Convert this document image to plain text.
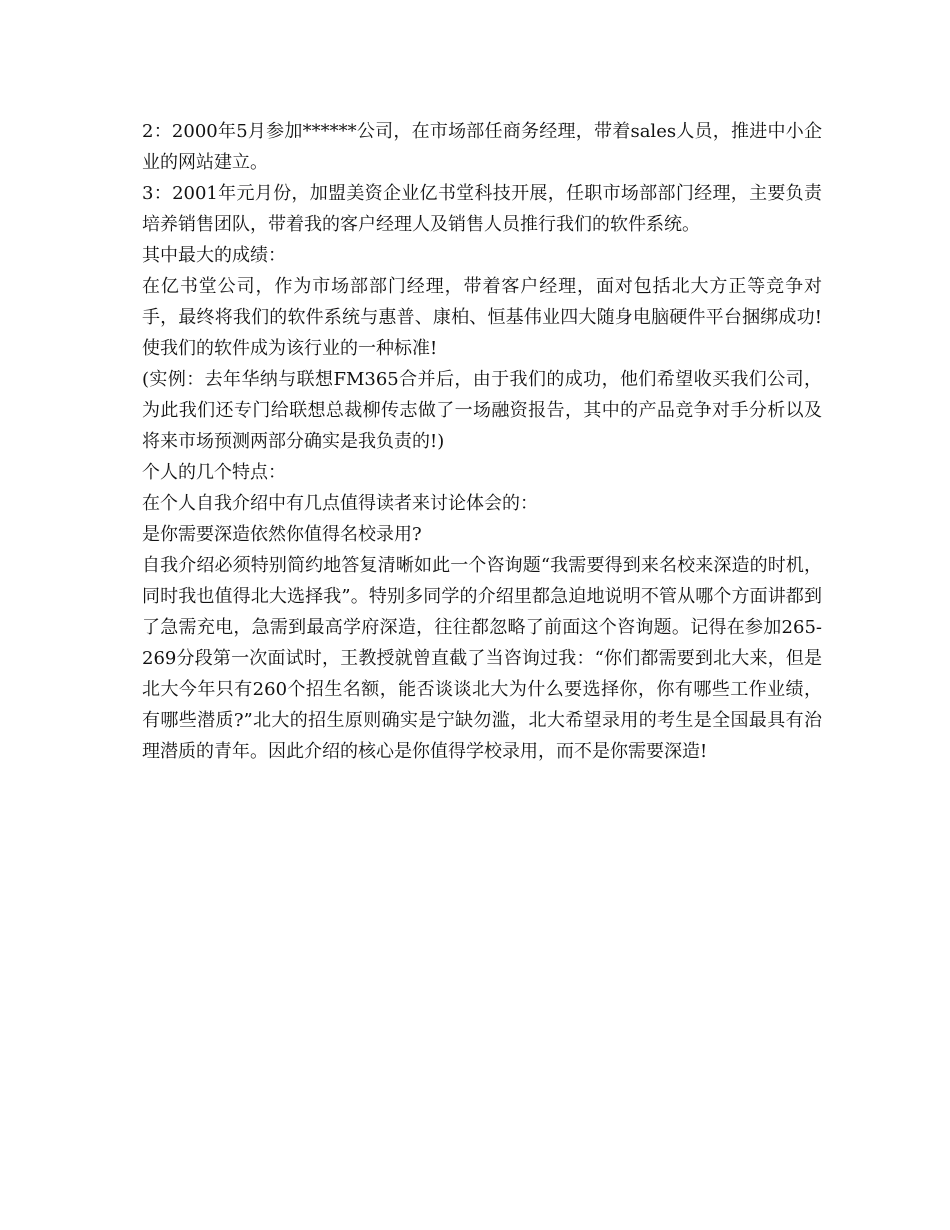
2：2000年5月参加******公司，在市场部任商务经理，带着sales人员，推进中小企业的网站建立。

3：2001年元月份，加盟美资企业亿书堂科技开展，任职市场部部门经理，主要负责培养销售团队，带着我的客户经理人及销售人员推行我们的软件系统。

其中最大的成绩：

在亿书堂公司，作为市场部部门经理，带着客户经理，面对包括北大方正等竞争对手，最终将我们的软件系统与惠普、康柏、恒基伟业四大随身电脑硬件平台捆绑成功!使我们的软件成为该行业的一种标准!

(实例：去年华纳与联想FM365合并后，由于我们的成功，他们希望收买我们公司，为此我们还专门给联想总裁柳传志做了一场融资报告，其中的产品竞争对手分析以及将来市场预测两部分确实是我负责的!)

个人的几个特点：

在个人自我介绍中有几点值得读者来讨论体会的：

是你需要深造依然你值得名校录用?

自我介绍必须特别简约地答复清晰如此一个咨询题“我需要得到来名校来深造的时机，同时我也值得北大选择我”。特别多同学的介绍里都急迫地说明不管从哪个方面讲都到了急需充电，急需到最高学府深造，往往都忽略了前面这个咨询题。记得在参加265-269分段第一次面试时，王教授就曾直截了当咨询过我：“你们都需要到北大来，但是北大今年只有260个招生名额，能否谈谈北大为什么要选择你，你有哪些工作业绩，有哪些潜质?”北大的招生原则确实是宁缺勿滥，北大希望录用的考生是全国最具有治理潜质的青年。因此介绍的核心是你值得学校录用，而不是你需要深造!
